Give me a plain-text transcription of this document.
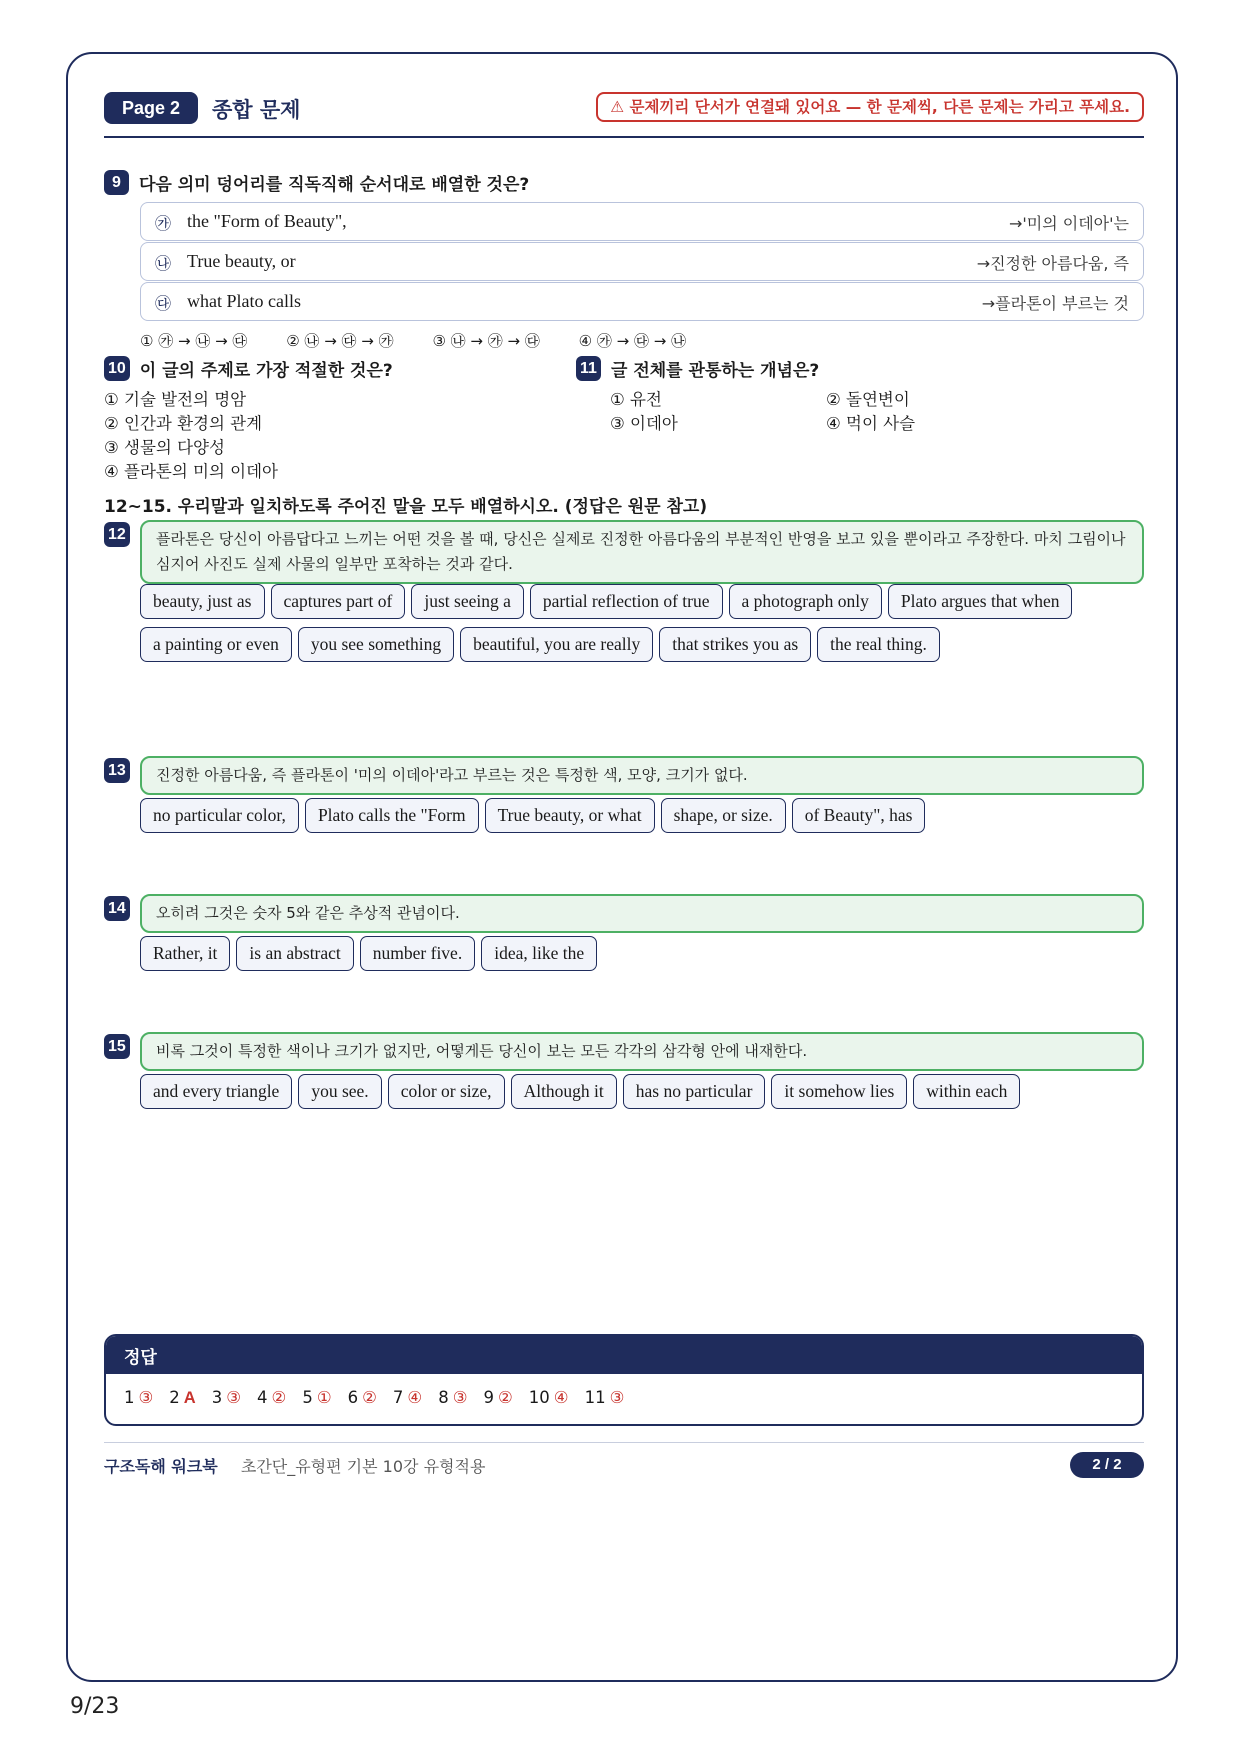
Page 2	종합 문제	⚠ 문제끼리 단서가 연결돼 있어요 — 한 문제씩, 다른 문제는 가리고 푸세요.
9	다음 의미 덩어리를 직독직해 순서대로 배열한 것은?
㉮ the "Form of Beauty",	→'미의 이데아'는
㉯ True beauty, or	→진정한 아름다움, 즉
㉰ what Plato calls	→플라톤이 부르는 것
① ㉮ → ㉯ → ㉰	② ㉯ → ㉰ → ㉮	③ ㉯ → ㉮ → ㉰	④ ㉮ → ㉰ → ㉯
10 이 글의 주제로 가장 적절한 것은?
① 기술 발전의 명암
② 인간과 환경의 관계
③ 생물의 다양성
④ 플라톤의 미의 이데아
11 글 전체를 관통하는 개념은?
① 유전	② 돌연변이
③ 이데아	④ 먹이 사슬
12~15. 우리말과 일치하도록 주어진 말을 모두 배열하시오. (정답은 원문 참고)
12	플라톤은 당신이 아름답다고 느끼는 어떤 것을 볼 때, 당신은 실제로 진정한 아름다움의 부분적인 반영을 보고 있을 뿐이라고 주장한다. 마치 그림이나 심지어 사진도 실제 사물의 일부만 포착하는 것과 같다.
beauty, just as captures part of just seeing a partial reflection of true a photograph only Plato argues that whena painting or even you see something beautiful, you are really that strikes you as the real thing.
13	진정한 아름다움, 즉 플라톤이 '미의 이데아'라고 부르는 것은 특정한 색, 모양, 크기가 없다.
no particular color, Plato calls the "Form True beauty, or what shape, or size. of Beauty", has
14	오히려 그것은 숫자 5와 같은 추상적 관념이다.
Rather, it is an abstract number five. idea, like the
15	비록 그것이 특정한 색이나 크기가 없지만, 어떻게든 당신이 보는 모든 각각의 삼각형 안에 내재한다.
and every triangle you see. color or size, Although it has no particular it somehow lies within each
정답
1 ③ 2 A 3 ③ 4 ② 5 ① 6 ② 7 ④ 8 ③ 9 ② 10 ④ 11 ③
구조독해 워크북 초간단_유형편 기본 10강 유형적용	2 / 2
9/23
